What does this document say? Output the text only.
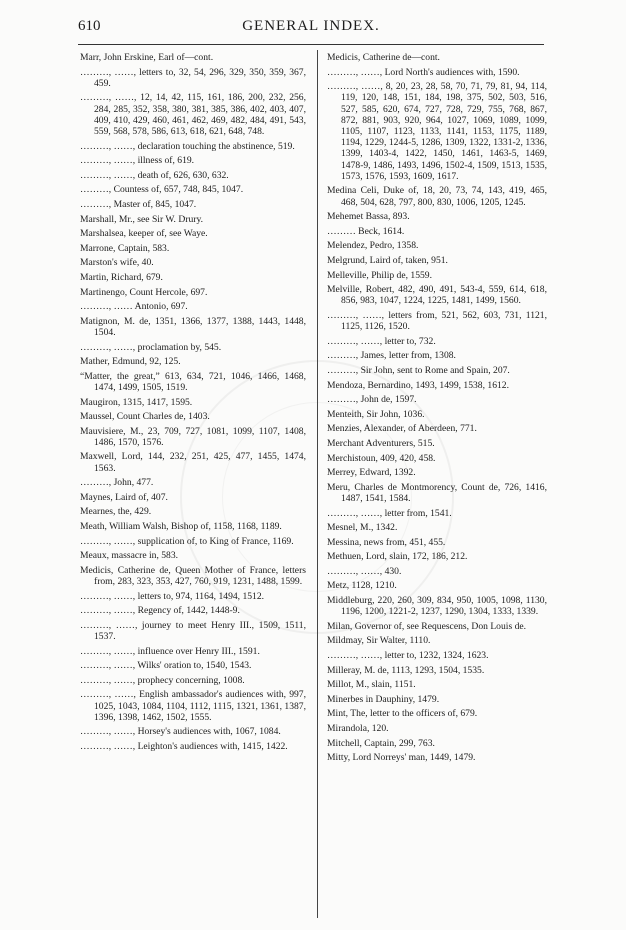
610	GENERAL INDEX.
Marr, John Erskine, Earl of—cont.
………, ……, letters to, 32, 54, 296, 329, 350, 359, 367, 459.
………, ……, 12, 14, 42, 115, 161, 186, 200, 232, 256, 284, 285, 352, 358, 380, 381, 385, 386, 402, 403, 407, 409, 410, 429, 460, 461, 462, 469, 482, 484, 491, 543, 559, 568, 578, 586, 613, 618, 621, 648, 748.
………, ……, declaration touching the abstinence, 519.
………, ……, illness of, 619.
………, ……, death of, 626, 630, 632.
………, Countess of, 657, 748, 845, 1047.
………, Master of, 845, 1047.
Marshall, Mr., see Sir W. Drury.
Marshalsea, keeper of, see Waye.
Marrone, Captain, 583.
Marston's wife, 40.
Martin, Richard, 679.
Martinengo, Count Hercole, 697.
………, …… Antonio, 697.
Matignon, M. de, 1351, 1366, 1377, 1388, 1443, 1448, 1504.
………, ……, proclamation by, 545.
Mather, Edmund, 92, 125.
“Matter, the great,” 613, 634, 721, 1046, 1466, 1468, 1474, 1499, 1505, 1519.
Maugiron, 1315, 1417, 1595.
Maussel, Count Charles de, 1403.
Mauvisiere, M., 23, 709, 727, 1081, 1099, 1107, 1408, 1486, 1570, 1576.
Maxwell, Lord, 144, 232, 251, 425, 477, 1455, 1474, 1563.
………, John, 477.
Maynes, Laird of, 407.
Mearnes, the, 429.
Meath, William Walsh, Bishop of, 1158, 1168, 1189.
………, ……, supplication of, to King of France, 1169.
Meaux, massacre in, 583.
Medicis, Catherine de, Queen Mother of France, letters from, 283, 323, 353, 427, 760, 919, 1231, 1488, 1599.
………, ……, letters to, 974, 1164, 1494, 1512.
………, ……, Regency of, 1442, 1448-9.
………, ……, journey to meet Henry III., 1509, 1511, 1537.
………, ……, influence over Henry III., 1591.
………, ……, Wilks' oration to, 1540, 1543.
………, ……, prophecy concerning, 1008.
………, ……, English ambassador's audiences with, 997, 1025, 1043, 1084, 1104, 1112, 1115, 1321, 1361, 1387, 1396, 1398, 1462, 1502, 1555.
………, ……, Horsey's audiences with, 1067, 1084.
………, ……, Leighton's audiences with, 1415, 1422.
Medicis, Catherine de—cont.
………, ……, Lord North's audiences with, 1590.
………, ……, 8, 20, 23, 28, 58, 70, 71, 79, 81, 94, 114, 119, 120, 148, 151, 184, 198, 375, 502, 503, 516, 527, 585, 620, 674, 727, 728, 729, 755, 768, 867, 872, 881, 903, 920, 964, 1027, 1069, 1089, 1099, 1105, 1107, 1123, 1133, 1141, 1153, 1175, 1189, 1194, 1229, 1244-5, 1286, 1309, 1322, 1331-2, 1336, 1399, 1403-4, 1422, 1450, 1461, 1463-5, 1469, 1478-9, 1486, 1493, 1496, 1502-4, 1509, 1513, 1535, 1573, 1576, 1593, 1609, 1617.
Medina Celi, Duke of, 18, 20, 73, 74, 143, 419, 465, 468, 504, 628, 797, 800, 830, 1006, 1205, 1245.
Mehemet Bassa, 893.
……… Beck, 1614.
Melendez, Pedro, 1358.
Melgrund, Laird of, taken, 951.
Melleville, Philip de, 1559.
Melville, Robert, 482, 490, 491, 543-4, 559, 614, 618, 856, 983, 1047, 1224, 1225, 1481, 1499, 1560.
………, ……, letters from, 521, 562, 603, 731, 1121, 1125, 1126, 1520.
………, ……, letter to, 732.
………, James, letter from, 1308.
………, Sir John, sent to Rome and Spain, 207.
Mendoza, Bernardino, 1493, 1499, 1538, 1612.
………, John de, 1597.
Menteith, Sir John, 1036.
Menzies, Alexander, of Aberdeen, 771.
Merchant Adventurers, 515.
Merchistoun, 409, 420, 458.
Merrey, Edward, 1392.
Meru, Charles de Montmorency, Count de, 726, 1416, 1487, 1541, 1584.
………, ……, letter from, 1541.
Mesnel, M., 1342.
Messina, news from, 451, 455.
Methuen, Lord, slain, 172, 186, 212.
………, ……, 430.
Metz, 1128, 1210.
Middleburg, 220, 260, 309, 834, 950, 1005, 1098, 1130, 1196, 1200, 1221-2, 1237, 1290, 1304, 1333, 1339.
Milan, Governor of, see Requescens, Don Louis de.
Mildmay, Sir Walter, 1110.
………, ……, letter to, 1232, 1324, 1623.
Milleray, M. de, 1113, 1293, 1504, 1535.
Millot, M., slain, 1151.
Minerbes in Dauphiny, 1479.
Mint, The, letter to the officers of, 679.
Mirandola, 120.
Mitchell, Captain, 299, 763.
Mitty, Lord Norreys' man, 1449, 1479.
